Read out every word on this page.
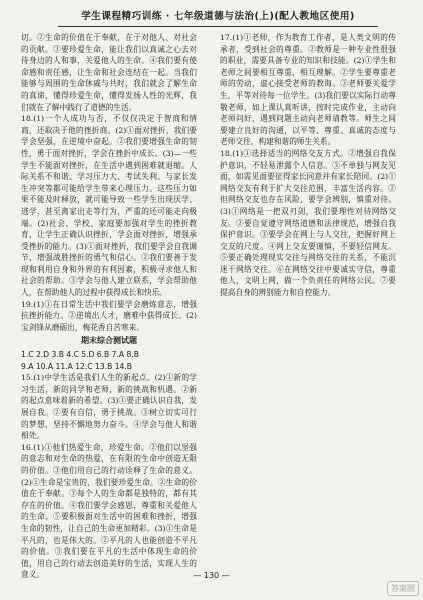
学生课程精巧训练 · 七年级道德与法治(上)(配人教地区使用)

切。②生命的价值在于奉献，在于对他人、对社会的贡献。③要珍爱生命，能让我们以真诚之心去对待身边的人和事，关爱他人的生命。④我们要有使命感和责任感，让生命和社会连结在一起。当我们能够与周围的生命休戚与共时，我们就会了解生命的真谛，懂得珍爱生命，懂得发扬人性的光辉，我们就在了解中践行了道德的生活。

18.(1)一个人成功与否，不仅仅决定于智商和情商，还取决于他的挫折商。(2)①面对挫折，我们要学会坚强，在逆境中奋起。②我们要增强生命的韧性，勇于面对挫折，学会在挫折中成长。(3)—一些学生不能面对挫折，在生活中遇到困难就退缩。人际关系不和谐、学习压力大、考试失利、与家长发生冲突等都可能给学生带来心理压力。这些压力如果不能及时释放，就可能导致一些学生出现厌学、逃学，甚至离家出走等行为，严重的还可能走向极端。(2)社会、学校、家庭要加强对学生的挫折教育，让学生正确认识挫折，学会面对挫折，增强承受挫折的能力。(3)①面对挫折，我们要学会自我调节，增强战胜挫折的勇气和信心。②我们要善于发现和利用自身和外界的有利因素，积极寻求他人和社会的帮助。③学会与他人建立联系，学会帮助他人，在帮助他人的过程中获得成长和快乐。

19.(1)①在日常生活中我们要学会磨炼意志，增强抗挫折能力。②逆境出人才，磨难中获得成长。(2)宝剑锋从磨砺出，梅花香自苦寒来。

期末综合测试题

1.C 2.D 3.B 4.C 5.D 6.B 7.A 8.B

9.A 10.A 11.A 12.C 13.B 14.B

15.(1)中学生活是我们人生的新起点。(2)①新的学习生活，新的同学和老师，新的挑战和机遇。②新的起点意味着新的希望。(3)①要正确认识自我，发展自我。②要有自信，勇于挑战。③树立切实可行的梦想，坚持不懈地努力奋斗。④学会与他人和谐相处。

16.(1)①他们热爱生命，珍爱生命。②他们以坚强的意志和对生命的热爱，在有限的生命中创造无限的价值。③他们用自己的行动诠释了生命的意义。(2)①生命是宝贵的，我们要珍爱生命。②生命的价值在于奉献。③每个人的生命都是独特的，都有其存在的价值。④我们要学会感恩，尊重和关爱他人的生命。⑤要积极面对生活中的困难和挫折，增强生命的韧性，让自己的生命更加精彩。(3)①生命是平凡的，也是伟大的。②平凡的人也能创造不平凡的价值。③我们要在平凡的生活中体现生命的价值，用自己的行动去创造美好的生活，实现人生的意义。

17.(1)①老师，作为教育工作者，是人类文明的传承者，受到社会的尊重。②教师是一种专业性很强的职业，需要具备专业的知识和技能。(2)①学生和老师之间要相互尊重，相互理解。②学生要尊重老师的劳动，虚心接受老师的教诲。③老师要关爱学生，平等对待每一位学生。(3)我们要以实际行动尊敬老师，如上课认真听讲，按时完成作业，主动向老师问好，遇到问题主动向老师请教等。师生之间要建立良好的沟通，以平等、尊重、真诚的态度与老师交往，构建和谐的师生关系。

18.(1)①选择适当的网络交友方式。②增强自我保护意识，不轻易泄露个人信息。③不单独与网友见面，如需见面要征得家长同意并有家长陪同。(2)①网络交友有利于扩大交往范围，丰富生活内容。②但网络交友也存在风险，要学会辨别，慎重对待。(3)①网络是一把双刃剑，我们要理性对待网络交友。②要自觉遵守网络道德和法律规范，增强自我保护意识。③要学会在网上与人交往，把握好网上交友的尺度。④网上交友要谨慎，不要轻信网友。⑤要正确处理现实交往与网络交往的关系，不能沉迷于网络交往。⑥在网络交往中要诚实守信，尊重他人，文明上网，做一个负责任的网络公民。⑦要提高自身的辨别能力和自控能力。

— 130 —
答案圈
